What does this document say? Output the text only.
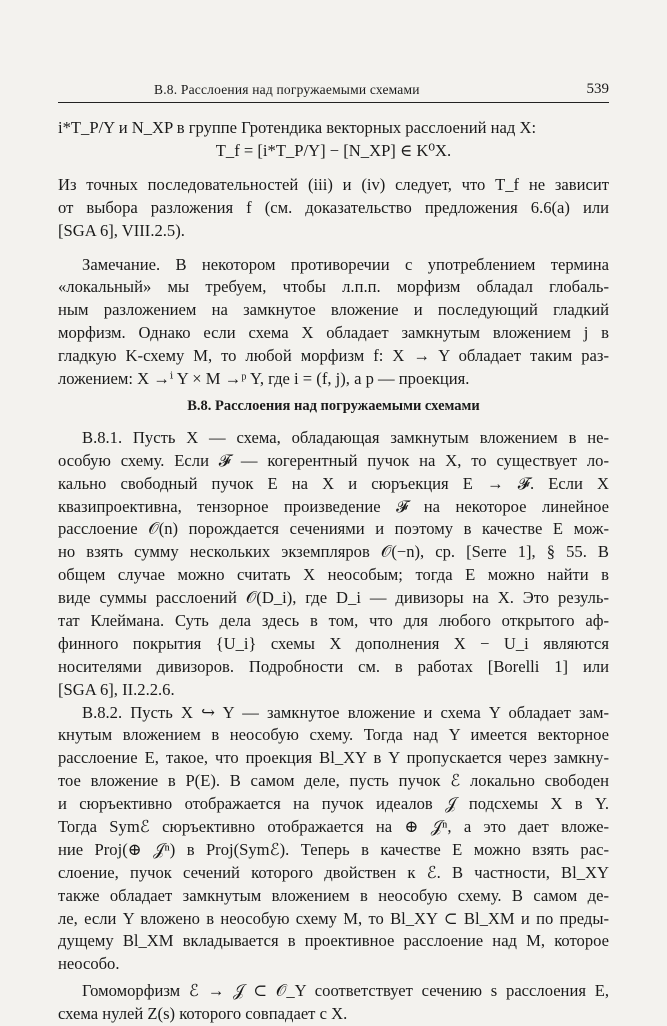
B.8. Расслоения над погружаемыми схемами	539
i*T_P/Y и N_XP в группе Гротендика векторных расслоений над X:
T_f = [i*T_P/Y] − [N_XP] ∈ K⁰X.
Из точных последовательностей (iii) и (iv) следует, что T_f не зависит
от выбора разложения f (см. доказательство предложения 6.6(a) или
[SGA 6], VIII.2.5).
Замечание. В некотором противоречии с употреблением термина
«локальный» мы требуем, чтобы л.п.п. морфизм обладал глобаль-
ным разложением на замкнутое вложение и последующий гладкий
морфизм. Однако если схема X обладает замкнутым вложением j в
гладкую K-схему M, то любой морфизм f: X → Y обладает таким раз-
ложением: X →ⁱ Y × M →ᵖ Y, где i = (f, j), а p — проекция.
B.8. Расслоения над погружаемыми схемами
B.8.1. Пусть X — схема, обладающая замкнутым вложением в не-
особую схему. Если 𝓕 — когерентный пучок на X, то существует ло-
кально свободный пучок E на X и сюръекция E → 𝓕. Если X
квазипроективна, тензорное произведение 𝓕 на некоторое линейное
расслоение 𝒪(n) порождается сечениями и поэтому в качестве E мож-
но взять сумму нескольких экземпляров 𝒪(−n), ср. [Serre 1], § 55. В
общем случае можно считать X неособым; тогда E можно найти в
виде суммы расслоений 𝒪(D_i), где D_i — дивизоры на X. Это резуль-
тат Клеймана. Суть дела здесь в том, что для любого открытого аф-
финного покрытия {U_i} схемы X дополнения X − U_i являются
носителями дивизоров. Подробности см. в работах [Borelli 1] или
[SGA 6], II.2.2.6.
B.8.2. Пусть X ↪ Y — замкнутое вложение и схема Y обладает зам-
кнутым вложением в неособую схему. Тогда над Y имеется векторное
расслоение E, такое, что проекция Bl_XY в Y пропускается через замкну-
тое вложение в P(E). В самом деле, пусть пучок ℰ локально свободен
и сюръективно отображается на пучок идеалов 𝒥 подсхемы X в Y.
Тогда Symℰ сюръективно отображается на ⊕ 𝒥ⁿ, а это дает вложе-
ние Proj(⊕ 𝒥ⁿ) в Proj(Symℰ). Теперь в качестве E можно взять рас-
слоение, пучок сечений которого двойствен к ℰ. В частности, Bl_XY
также обладает замкнутым вложением в неособую схему. В самом де-
ле, если Y вложено в неособую схему M, то Bl_XY ⊂ Bl_XM и по преды-
дущему Bl_XM вкладывается в проективное расслоение над M, которое
неособо.
Гомоморфизм ℰ → 𝒥 ⊂ 𝒪_Y соответствует сечению s расслоения E,
схема нулей Z(s) которого совпадает с X.
